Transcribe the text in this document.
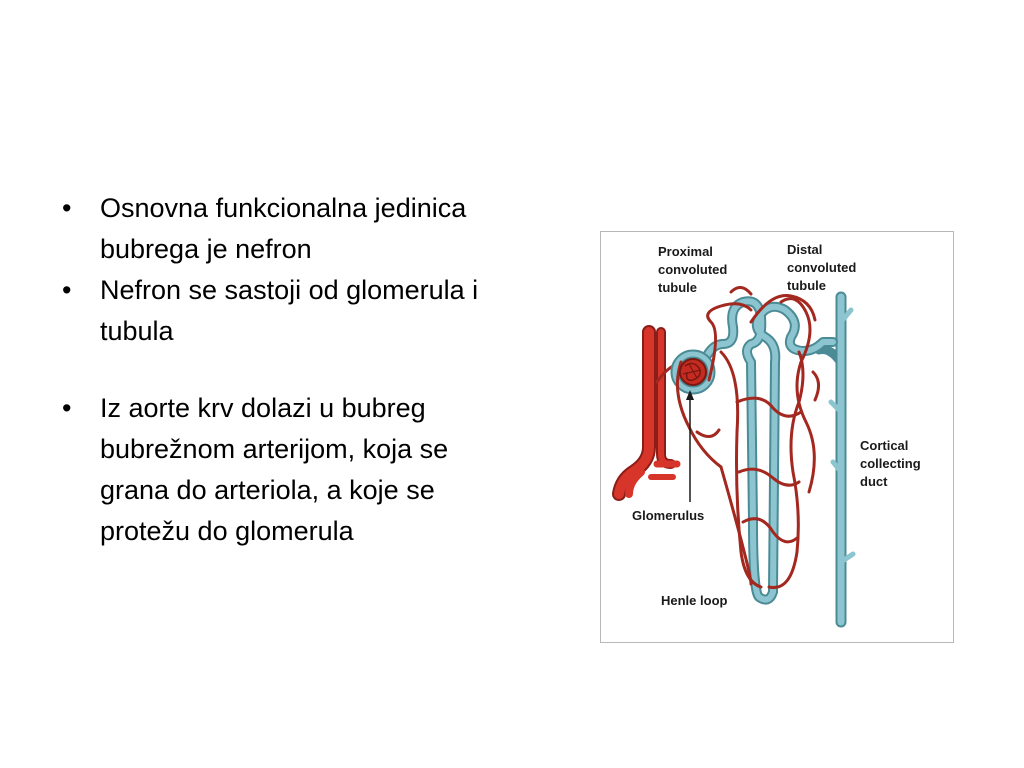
• Osnovna funkcionalna jedinica bubrega je nefron
• Nefron se sastoji od glomerula i tubula
• Iz aorte krv dolazi u bubreg bubrežnom arterijom, koja se grana do arteriola, a koje se protežu do glomerula
Proximal convoluted tubule
Distal convoluted tubule
Cortical collecting duct
Glomerulus
Henle loop
